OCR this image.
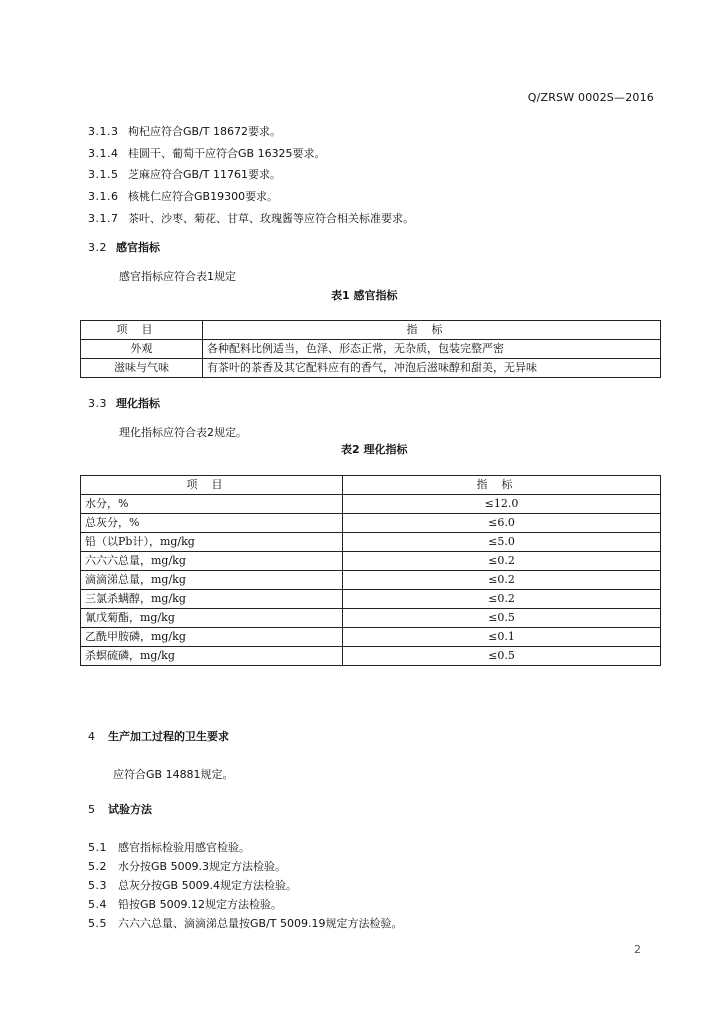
Q/ZRSW 0002S—2016
3.1.3 枸杞应符合GB/T 18672要求。
3.1.4 桂圆干、葡萄干应符合GB 16325要求。
3.1.5 芝麻应符合GB/T 11761要求。
3.1.6 核桃仁应符合GB19300要求。
3.1.7 茶叶、沙枣、菊花、甘草、玫瑰酱等应符合相关标准要求。
3.2 感官指标
感官指标应符合表1规定
表1 感官指标
项目	指标
外观	各种配料比例适当，色泽、形态正常，无杂质，包装完整严密
滋味与气味	有茶叶的茶香及其它配料应有的香气，冲泡后滋味醇和甜美，无异味
3.3 理化指标
理化指标应符合表2规定。
表2 理化指标
项目	指标
水分，%	≤12.0
总灰分，%	≤6.0
铅（以Pb计），mg/kg	≤5.0
六六六总量，mg/kg	≤0.2
滴滴涕总量，mg/kg	≤0.2
三氯杀螨醇，mg/kg	≤0.2
氰戊菊酯，mg/kg	≤0.5
乙酰甲胺磷，mg/kg	≤0.1
杀螟硫磷，mg/kg	≤0.5
4 生产加工过程的卫生要求
应符合GB 14881规定。
5 试验方法
5.1 感官指标检验用感官检验。
5.2 水分按GB 5009.3规定方法检验。
5.3 总灰分按GB 5009.4规定方法检验。
5.4 铅按GB 5009.12规定方法检验。
5.5 六六六总量、滴滴涕总量按GB/T 5009.19规定方法检验。
2
